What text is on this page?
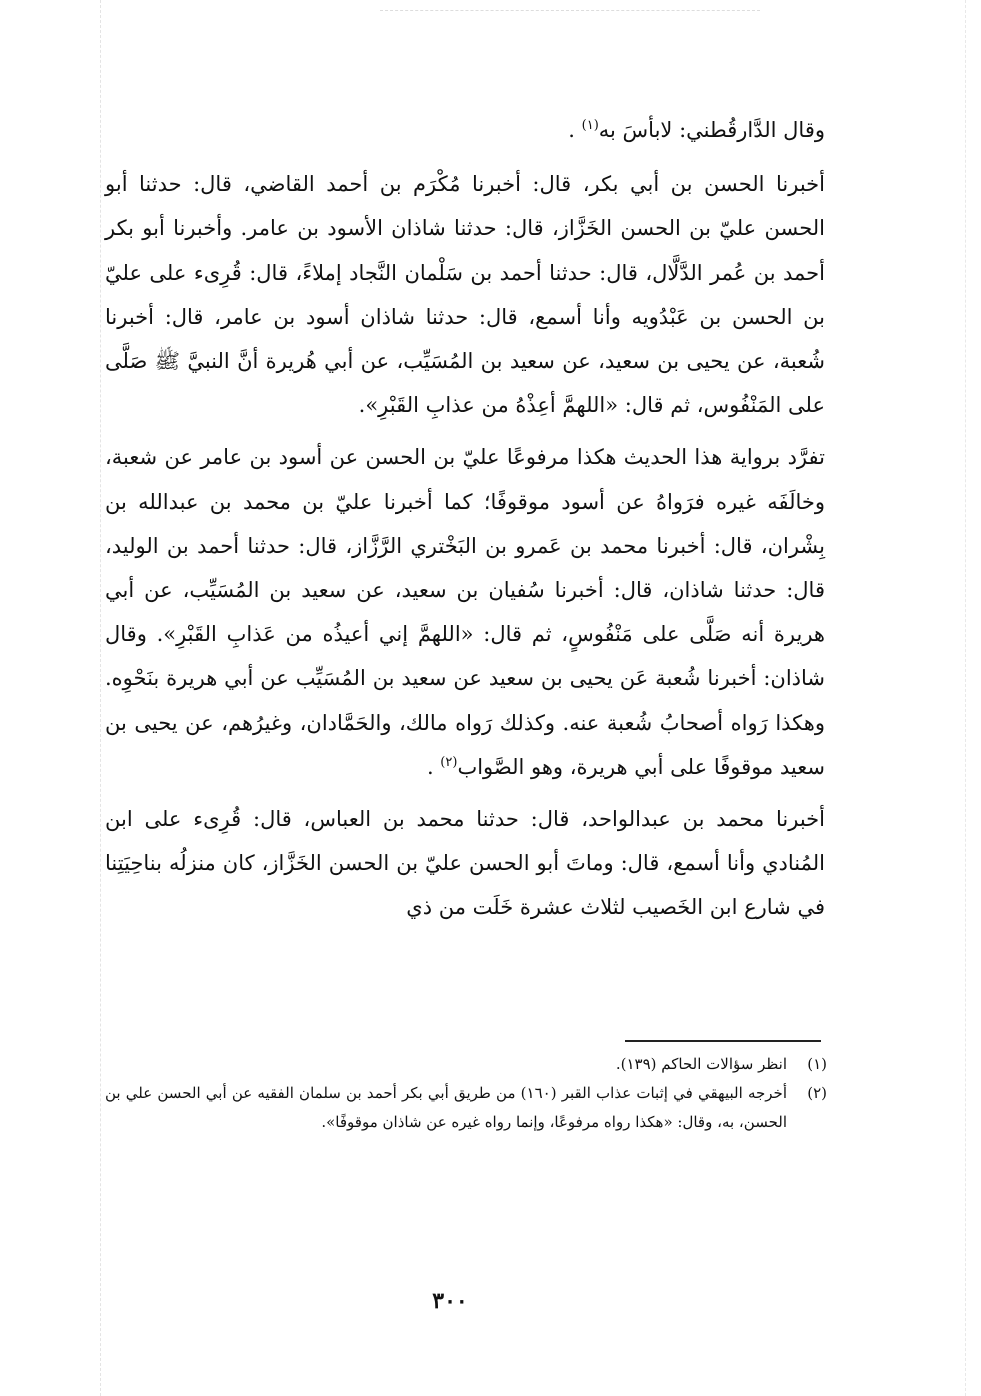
وقال الدَّارقُطني: لابأسَ به$^{(١)}$ .

أخبرنا الحسن بن أبي بكر، قال: أخبرنا مُكْرَم بن أحمد القاضي، قال: حدثنا أبو الحسن عليّ بن الحسن الخَزَّاز، قال: حدثنا شاذان الأسود بن عامر. وأخبرنا أبو بكر أحمد بن عُمر الدَّلَّال، قال: حدثنا أحمد بن سَلْمان النَّجاد إملاءً، قال: قُرِىء على عليّ بن الحسن بن عَبْدُويه وأنا أسمع، قال: حدثنا شاذان أسود بن عامر، قال: أخبرنا شُعبة، عن يحيى بن سعيد، عن سعيد بن المُسَيِّب، عن أبي هُريرة أنَّ النبيَّ ﷺ صَلَّى على المَنْفُوس، ثم قال: «اللهمَّ أعِذْهُ من عذابِ القَبْرِ».

تفرَّد برواية هذا الحديث هكذا مرفوعًا عليّ بن الحسن عن أسود بن عامر عن شعبة، وخالَفَه غيره فرَواهُ عن أسود موقوفًا؛ كما أخبرنا عليّ بن محمد بن عبدالله بن بِشْران، قال: أخبرنا محمد بن عَمرو بن البَخْتري الرَّزَّاز، قال: حدثنا أحمد بن الوليد، قال: حدثنا شاذان، قال: أخبرنا سُفيان بن سعيد، عن سعيد بن المُسَيِّب، عن أبي هريرة أنه صَلَّى على مَنْفُوسٍ، ثم قال: «اللهمَّ إني أعيذُه من عَذابِ القَبْرِ». وقال شاذان: أخبرنا شُعبة عَن يحيى بن سعيد عن سعيد بن المُسَيِّب عن أبي هريرة بنَحْوِه. وهكذا رَواه أصحابُ شُعبة عنه. وكذلك رَواه مالك، والحَمَّادان، وغيرُهم، عن يحيى بن سعيد موقوفًا على أبي هريرة، وهو الصَّواب$^{(٢)}$ .

أخبرنا محمد بن عبدالواحد، قال: حدثنا محمد بن العباس، قال: قُرِىء على ابن المُنادي وأنا أسمع، قال: وماتَ أبو الحسن عليّ بن الحسن الخَزَّاز، كان منزلُه بناحِيَتِنا في شارع ابن الخَصيب لثلاث عشرة خَلَت من ذي

(١)
انظر سؤالات الحاكم (١٣٩).

(٢)
أخرجه البيهقي في إثبات عذاب القبر (١٦٠) من طريق أبي بكر أحمد بن سلمان الفقيه عن أبي الحسن علي بن الحسن، به، وقال: «هكذا رواه مرفوعًا، وإنما رواه غيره عن شاذان موقوفًا».

٣٠٠
